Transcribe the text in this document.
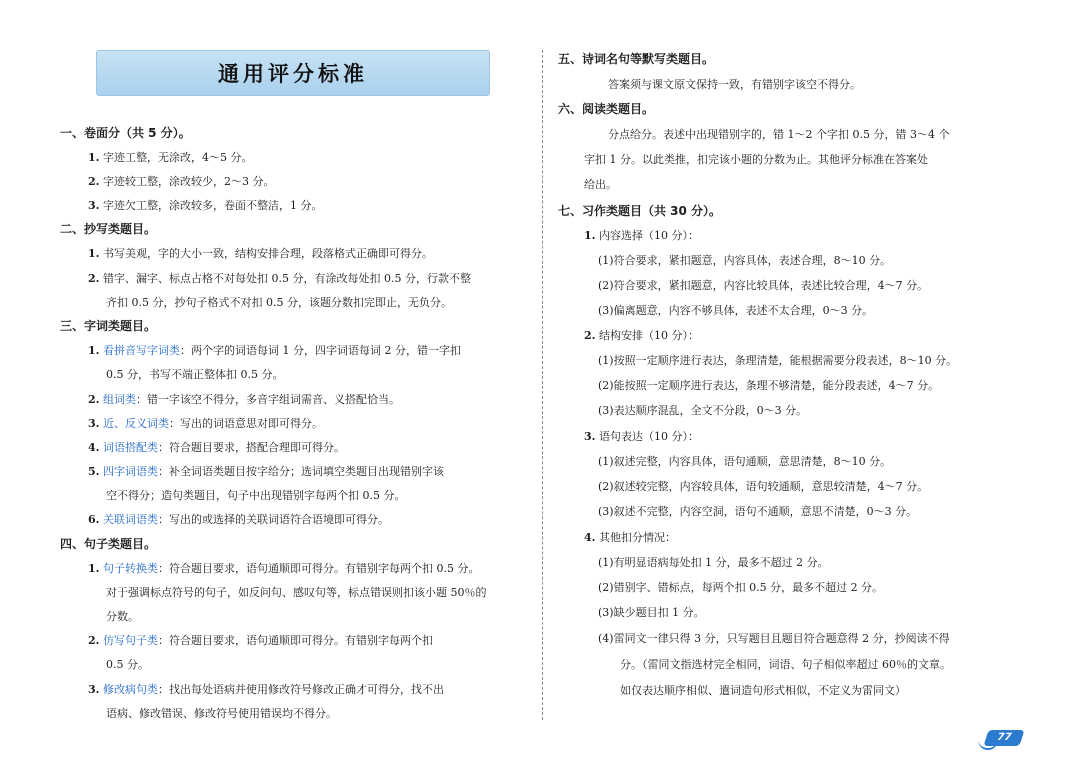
通用评分标准
一、卷面分（共 5 分）。
1. 字迹工整，无涂改，4～5 分。
2. 字迹较工整，涂改较少，2～3 分。
3. 字迹欠工整，涂改较多，卷面不整洁，1 分。
二、抄写类题目。
1. 书写美观，字的大小一致，结构安排合理，段落格式正确即可得分。
2. 错字、漏字、标点占格不对每处扣 0.5 分，有涂改每处扣 0.5 分，行款不整
齐扣 0.5 分，抄句子格式不对扣 0.5 分，该题分数扣完即止，无负分。
三、字词类题目。
1. 看拼音写字词类：两个字的词语每词 1 分，四字词语每词 2 分，错一字扣
0.5 分，书写不端正整体扣 0.5 分。
2. 组词类：错一字该空不得分，多音字组词需音、义搭配恰当。
3. 近、反义词类：写出的词语意思对即可得分。
4. 词语搭配类：符合题目要求，搭配合理即可得分。
5. 四字词语类：补全词语类题目按字给分；选词填空类题目出现错别字该
空不得分；造句类题目，句子中出现错别字每两个扣 0.5 分。
6. 关联词语类：写出的或选择的关联词语符合语境即可得分。
四、句子类题目。
1. 句子转换类：符合题目要求，语句通顺即可得分。有错别字每两个扣 0.5 分。
对于强调标点符号的句子，如反问句、感叹句等，标点错误则扣该小题 50％的
分数。
2. 仿写句子类：符合题目要求，语句通顺即可得分。有错别字每两个扣
0.5 分。
3. 修改病句类：找出每处语病并使用修改符号修改正确才可得分，找不出
语病、修改错误、修改符号使用错误均不得分。
五、诗词名句等默写类题目。
答案须与课文原文保持一致，有错别字该空不得分。
六、阅读类题目。
分点给分。表述中出现错别字的，错 1～2 个字扣 0.5 分，错 3～4 个
字扣 1 分。以此类推，扣完该小题的分数为止。其他评分标准在答案处
给出。
七、习作类题目（共 30 分）。
1. 内容选择（10 分）：
(1)符合要求，紧扣题意，内容具体，表述合理，8～10 分。
(2)符合要求，紧扣题意，内容比较具体，表述比较合理，4～7 分。
(3)偏离题意，内容不够具体，表述不太合理，0～3 分。
2. 结构安排（10 分）：
(1)按照一定顺序进行表达，条理清楚，能根据需要分段表述，8～10 分。
(2)能按照一定顺序进行表达，条理不够清楚，能分段表述，4～7 分。
(3)表达顺序混乱，全文不分段，0～3 分。
3. 语句表达（10 分）：
(1)叙述完整，内容具体，语句通顺，意思清楚，8～10 分。
(2)叙述较完整，内容较具体，语句较通顺，意思较清楚，4～7 分。
(3)叙述不完整，内容空洞，语句不通顺，意思不清楚，0～3 分。
4. 其他扣分情况：
(1)有明显语病每处扣 1 分，最多不超过 2 分。
(2)错别字、错标点，每两个扣 0.5 分，最多不超过 2 分。
(3)缺少题目扣 1 分。
(4)雷同文一律只得 3 分，只写题目且题目符合题意得 2 分，抄阅读不得
分。（雷同文指选材完全相同，词语、句子相似率超过 60％的文章。
如仅表达顺序相似、遣词造句形式相似，不定义为雷同文）
77
